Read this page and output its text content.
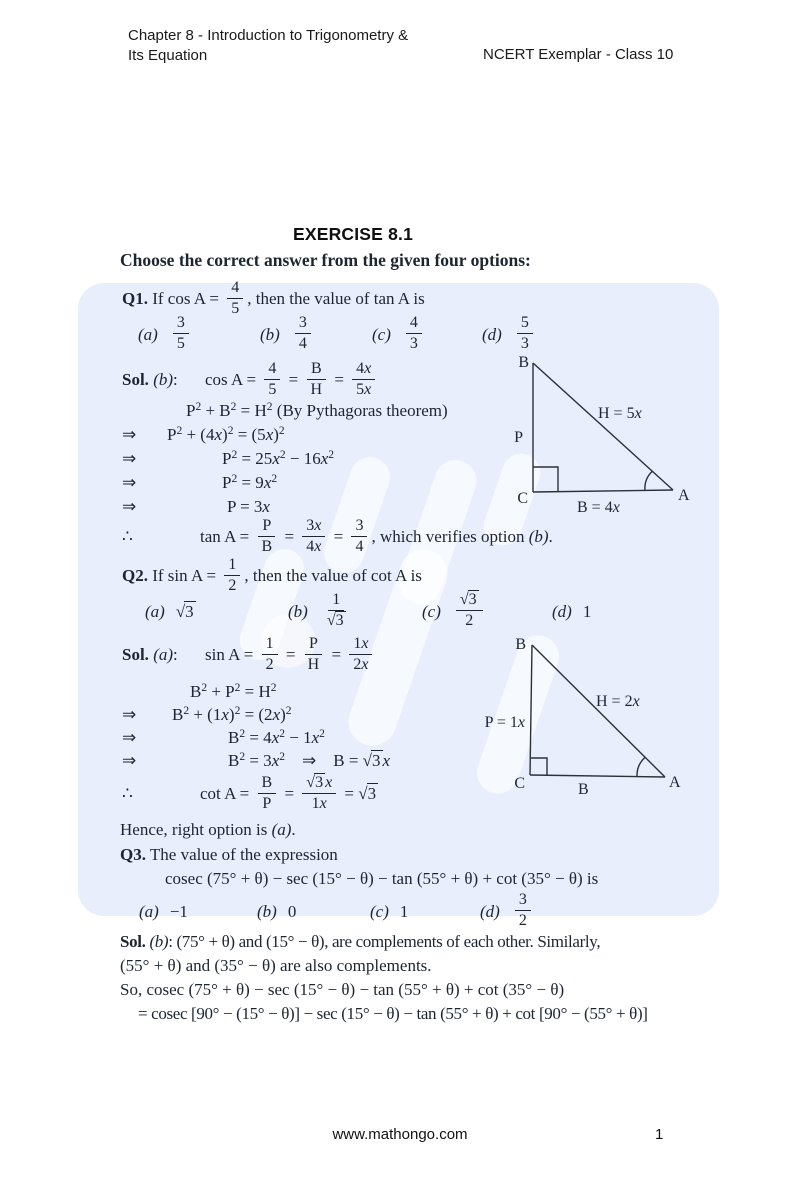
Chapter 8 - Introduction to Trigonometry &
Its Equation	NCERT Exemplar - Class 10
EXERCISE 8.1
Choose the correct answer from the given four options:
Q1. If $\cos A = \frac{4}{5}$ , then the value of tan A is
$(a) \frac{3}{5}$	$(b) \frac{3}{4}$	$(c) \frac{4}{3}$	$(d) \frac{5}{3}$
Sol. (b): $\cos A = \frac{4}{5} = \frac{B}{H} = \frac{4x}{5x}$
$P^2 + B^2 = H^2$ (By Pythagoras theorem)
⇒ $P^2 + (4x)^2 = (5x)^2$
⇒	$P^2 = 25x^2 - 16x^2$
⇒	$P^2 = 9x^2$
⇒	P = 3x
∴	$\tan A = \frac{P}{B} = \frac{3x}{4x} = \frac{3}{4}$ , which verifies option (b).
Q2. If $\sin A = \frac{1}{2}$ , then the value of cot A is
(a) √3	$(b) \frac{1}{√3}$	$(c) \frac{√3}{2}$	(d) 1
Sol. (a): $\sin A = \frac{1}{2} = \frac{P}{H} = \frac{1x}{2x}$
$B^2 + P^2 = H^2$
⇒ $B^2 + (1x)^2 = (2x)^2$
⇒	$B^2 = 4x^2 - 1x^2$
⇒	$B^2 = 3x^2$  ⇒  B = √3 x
∴	$\cot A = \frac{B}{P} = \frac{√3 x}{1x} = √3$
Hence, right option is (a).
Q3. The value of the expression
cosec (75° + θ) − sec (15° − θ) − tan (55° + θ) + cot (35° − θ) is
(a) −1	(b) 0	(c) 1	$(d) \frac{3}{2}$
Sol. (b): (75° + θ) and (15° − θ), are complements of each other. Similarly,
(55° + θ) and (35° − θ) are also complements.
So, cosec (75° + θ) − sec (15° − θ) − tan (55° + θ) + cot (35° − θ)
= cosec [90° − (15° − θ)] − sec (15° − θ) − tan (55° + θ) + cot [90° − (55° + θ)]
B
P
C	A
H = 5x
B = 4x
B
P = 1x
C	A
H = 2x
B
www.mathongo.com	1
